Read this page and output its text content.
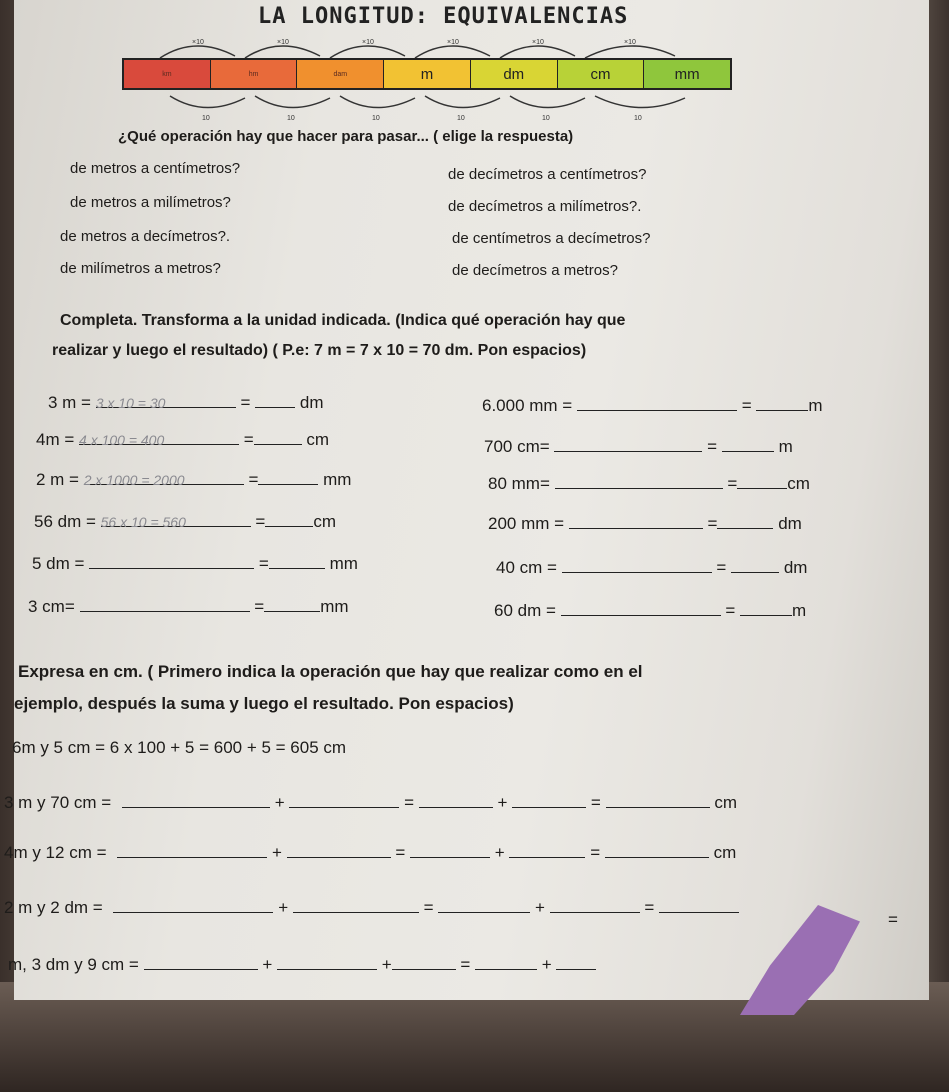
LA LONGITUD: EQUIVALENCIAS
×10	×10	×10	×10	×10	×10
10	10	10	10	10	10
km	hm	dam	m	dm	cm	mm
¿Qué operación hay que hacer para pasar... ( elige la respuesta)
de metros a centímetros?
de metros a milímetros?
de metros a decímetros?.
de milímetros a metros?
de decímetros a centímetros?
de decímetros a milímetros?.
de centímetros a decímetros?
de decímetros a metros?
Completa. Transforma a la unidad indicada. (Indica qué operación hay que
realizar y luego el resultado) ( P.e: 7 m = 7 x 10 = 70 dm. Pon espacios)
3 m = 3 x 10 = 30	=	dm
4m = 4 x 100 = 400	=	cm
2 m = 2 x 1000 = 2000	=	mm
56 dm = 56 x 10 = 560	=	cm
5 dm =	=	mm
3 cm=	=	mm
6.000 mm =	=	m
700 cm=	=	m
80 mm=	=	cm
200 mm =	=	dm
40 cm =	=	dm
60 dm =	=	m
Expresa en cm. ( Primero indica la operación que hay que realizar como en el
ejemplo, después la suma y luego el resultado. Pon espacios)
6m y 5 cm = 6 x 100 + 5 = 600 + 5 = 605 cm
3 m y 70 cm =	+	=	+	=	cm
4m y 12 cm =	+	=	+	=	cm
2 m y 2 dm =	+	=	+	=
m, 3 dm y 9 cm =	+	+	=	+
=
